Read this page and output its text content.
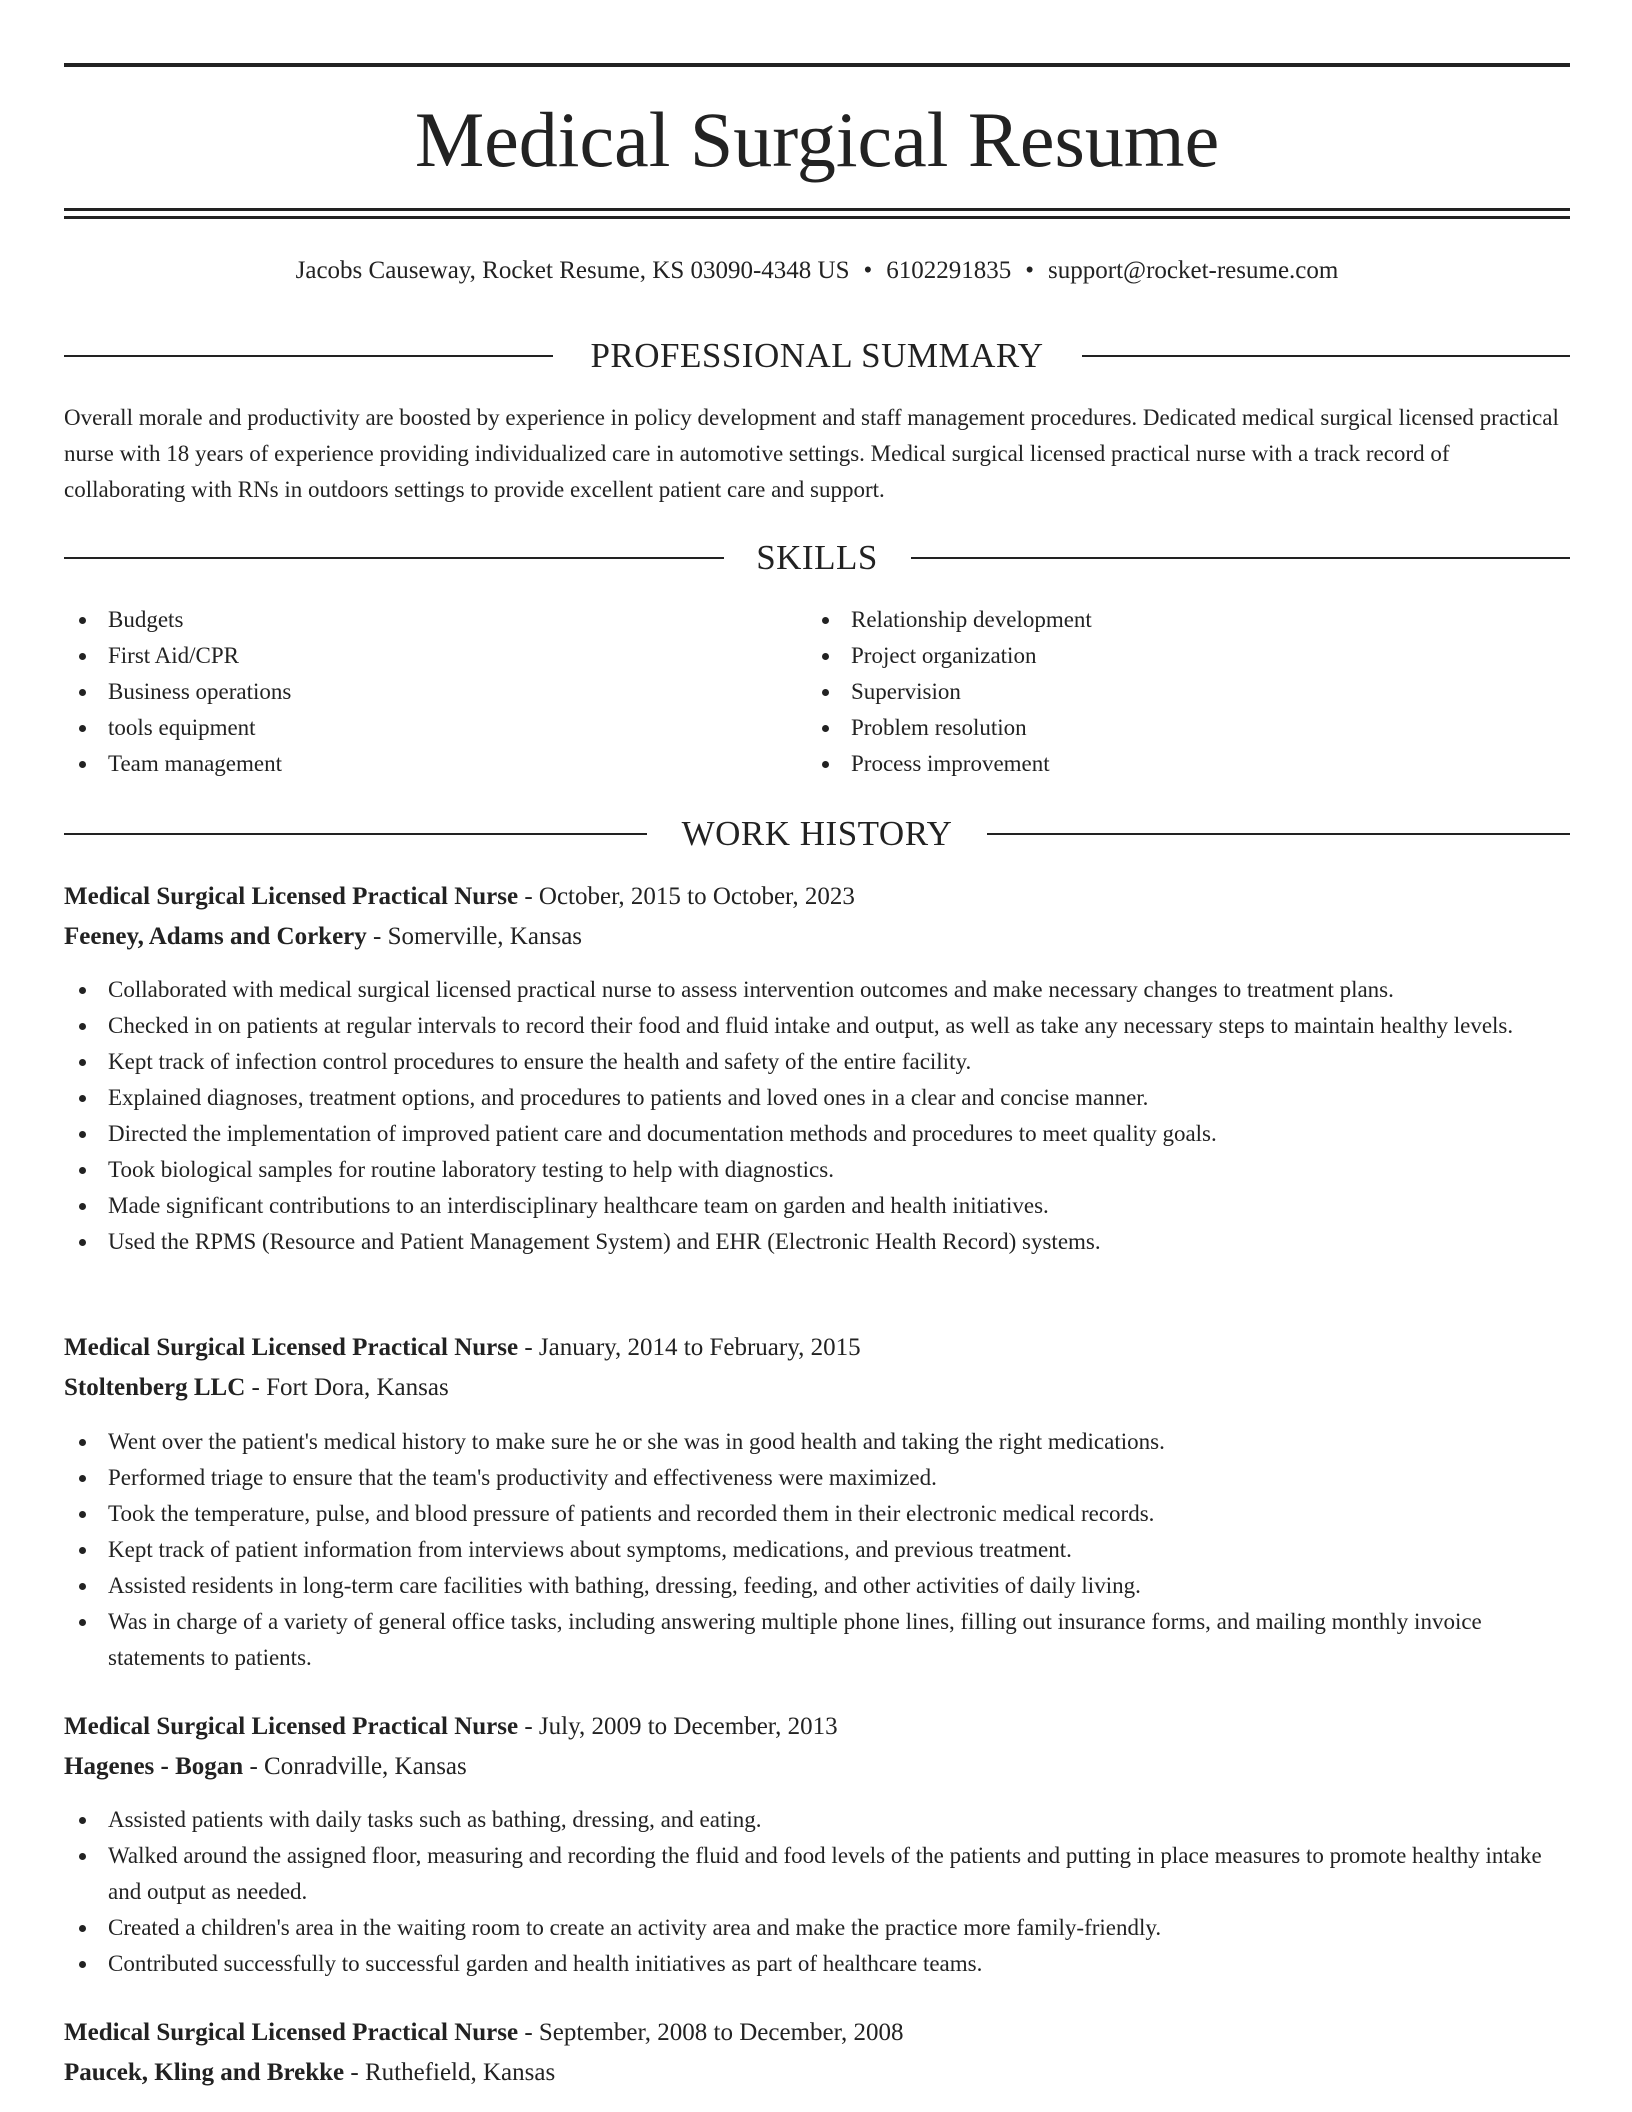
Medical Surgical Resume
Jacobs Causeway, Rocket Resume, KS 03090-4348 US • 6102291835 • support@rocket-resume.com
PROFESSIONAL SUMMARY

Overall morale and productivity are boosted by experience in policy development and staff management procedures. Dedicated medical surgical licensed practical nurse with 18 years of experience providing individualized care in automotive settings. Medical surgical licensed practical nurse with a track record of collaborating with RNs in outdoors settings to provide excellent patient care and support.

SKILLS
Budgets
First Aid/CPR
Business operations
tools equipment
Team management
Relationship development
Project organization
Supervision
Problem resolution
Process improvement
WORK HISTORY
Medical Surgical Licensed Practical Nurse - October, 2015 to October, 2023
Feeney, Adams and Corkery - Somerville, Kansas
Collaborated with medical surgical licensed practical nurse to assess intervention outcomes and make necessary changes to treatment plans.
Checked in on patients at regular intervals to record their food and fluid intake and output, as well as take any necessary steps to maintain healthy levels.
Kept track of infection control procedures to ensure the health and safety of the entire facility.
Explained diagnoses, treatment options, and procedures to patients and loved ones in a clear and concise manner.
Directed the implementation of improved patient care and documentation methods and procedures to meet quality goals.
Took biological samples for routine laboratory testing to help with diagnostics.
Made significant contributions to an interdisciplinary healthcare team on garden and health initiatives.
Used the RPMS (Resource and Patient Management System) and EHR (Electronic Health Record) systems.
Medical Surgical Licensed Practical Nurse - January, 2014 to February, 2015
Stoltenberg LLC - Fort Dora, Kansas
Went over the patient's medical history to make sure he or she was in good health and taking the right medications.
Performed triage to ensure that the team's productivity and effectiveness were maximized.
Took the temperature, pulse, and blood pressure of patients and recorded them in their electronic medical records.
Kept track of patient information from interviews about symptoms, medications, and previous treatment.
Assisted residents in long-term care facilities with bathing, dressing, feeding, and other activities of daily living.
Was in charge of a variety of general office tasks, including answering multiple phone lines, filling out insurance forms, and mailing monthly invoice statements to patients.
Medical Surgical Licensed Practical Nurse - July, 2009 to December, 2013
Hagenes - Bogan - Conradville, Kansas
Assisted patients with daily tasks such as bathing, dressing, and eating.
Walked around the assigned floor, measuring and recording the fluid and food levels of the patients and putting in place measures to promote healthy intake and output as needed.
Created a children's area in the waiting room to create an activity area and make the practice more family-friendly.
Contributed successfully to successful garden and health initiatives as part of healthcare teams.
Medical Surgical Licensed Practical Nurse - September, 2008 to December, 2008
Paucek, Kling and Brekke - Ruthefield, Kansas
